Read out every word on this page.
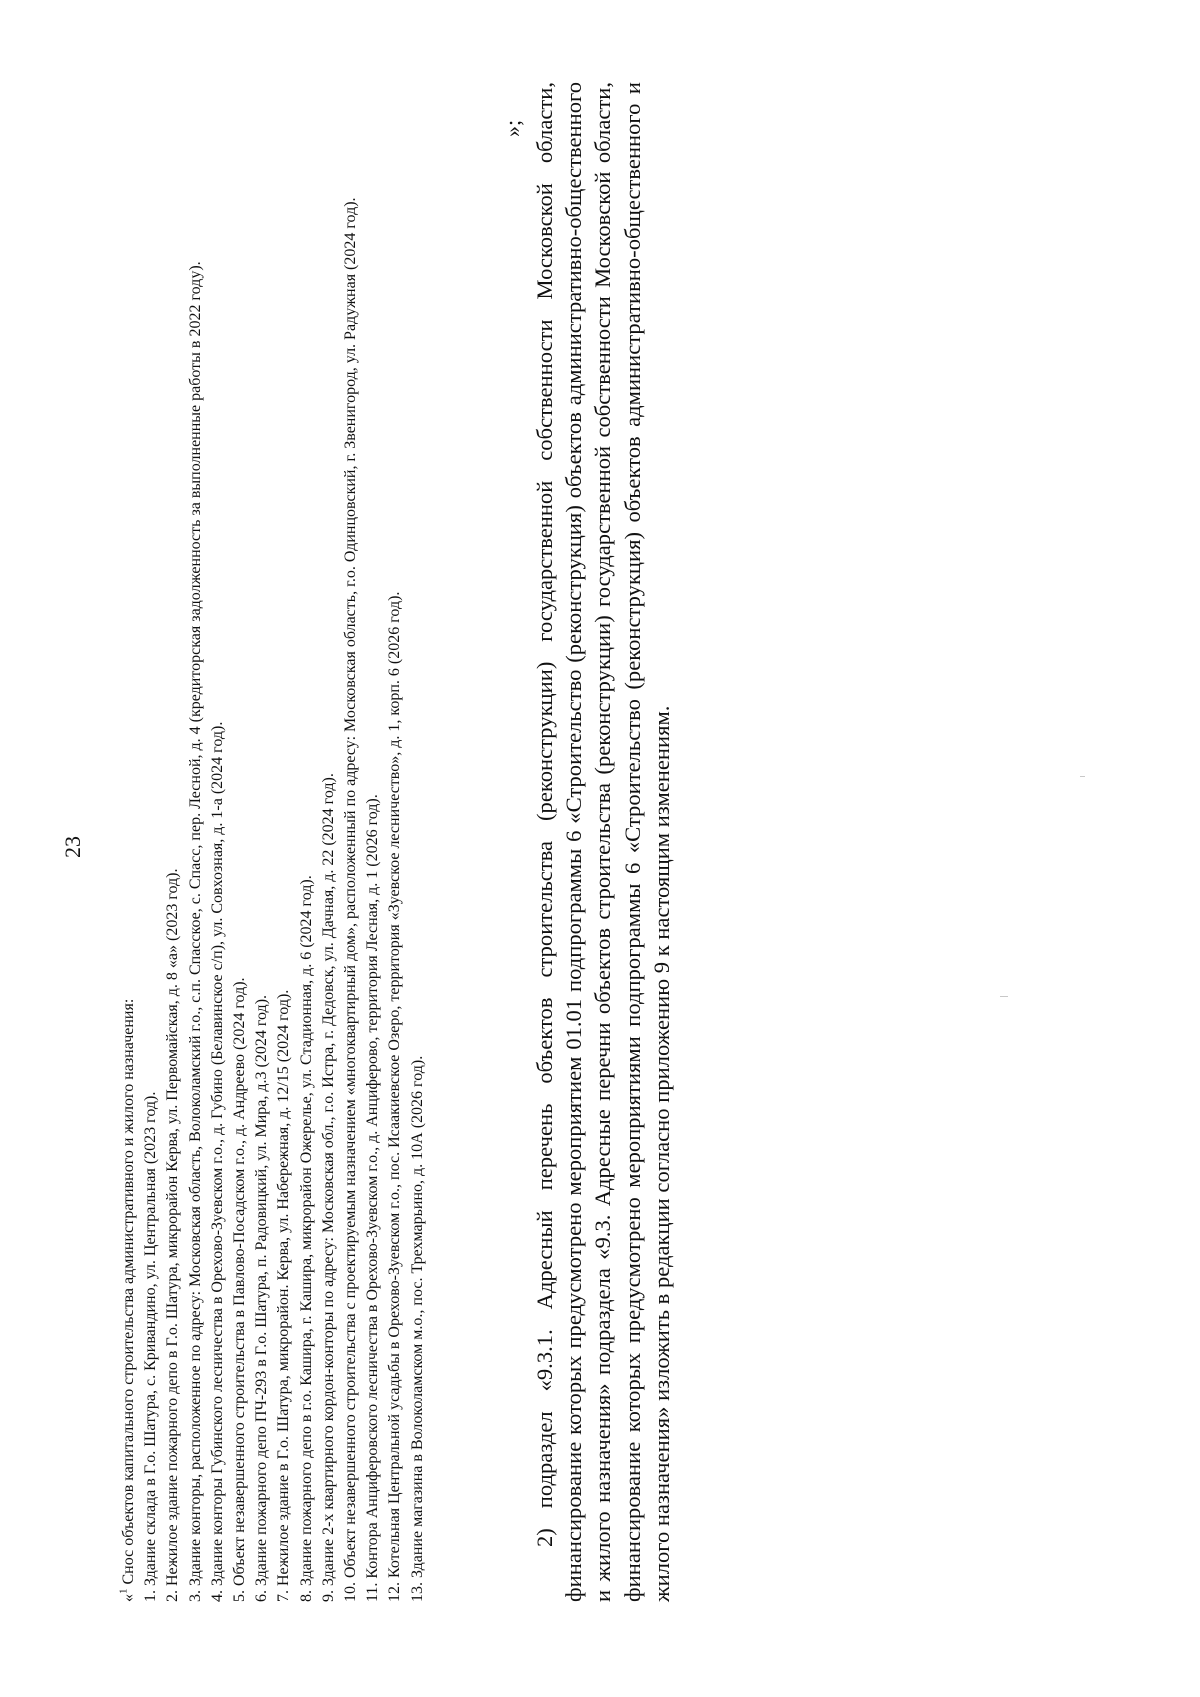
23
«$^1$ Снос объектов капитального строительства административного и жилого назначения: 1. Здание склада в Г.о. Шатура, с. Кривандино, ул. Центральная (2023 год). 2. Нежилое здание пожарного депо в Г.о. Шатура, микрорайон Керва, ул. Первомайская, д. 8 «а» (2023 год). 3. Здание конторы, расположенное по адресу: Московская область, Волоколамский г.о., с.п. Спасское, с. Спасс, пер. Лесной, д. 4 (кредиторская задолженность за выполненные работы в 2022 году). 4. Здание конторы Губинского лесничества в Орехово-Зуевском г.о., д. Губино (Белавинское с/п), ул. Совхозная, д. 1-а (2024 год). 5. Объект незавершенного строительства в Павлово-Посадском г.о., д. Андреево (2024 год). 6. Здание пожарного депо ПЧ-293 в Г.о. Шатура, п. Радовицкий, ул. Мира, д.3 (2024 год). 7. Нежилое здание в Г.о. Шатура, микрорайон. Керва, ул. Набережная, д. 12/15 (2024 год). 8. Здание пожарного депо в г.о. Кашира, г. Кашира, микрорайон Ожерелье, ул. Стадионная, д. 6 (2024 год). 9. Здание 2-х квартирного кордон-конторы по адресу: Московская обл., г.о. Истра, г. Дедовск, ул. Дачная, д. 22 (2024 год). 10. Объект незавершенного строительства с проектируемым назначением «многоквартирный дом», расположенный по адресу: Московская область, г.о. Одинцовский, г. Звенигород, ул. Радужная (2024 год). 11. Контора Анциферовского лесничества в Орехово-Зуевском г.о., д. Анциферово, территория Лесная, д. 1 (2026 год). 12. Котельная Центральной усадьбы в Орехово-Зуевском г.о., пос. Исаакиевское Озеро, территория «Зуевское лесничество», д. 1, корп. 6 (2026 год). 13. Здание магазина в Волоколамском м.о., пос. Трехмарьино, д. 10А (2026 год).
»; 2) подраздел «9.3.1. Адресный перечень объектов строительства (реконструкции) государственной собственности Московской области, финансирование которых предусмотрено мероприятием 01.01 подпрограммы 6 «Строительство (реконструкция) объектов административно-общественного и жилого назначения» подраздела «9.3. Адресные перечни объектов строительства (реконструкции) государственной собственности Московской области, финансирование которых предусмотрено мероприятиями подпрограммы 6 «Строительство (реконструкция) объектов административно-общественного и жилого назначения» изложить в редакции согласно приложению 9 к настоящим изменениям.
